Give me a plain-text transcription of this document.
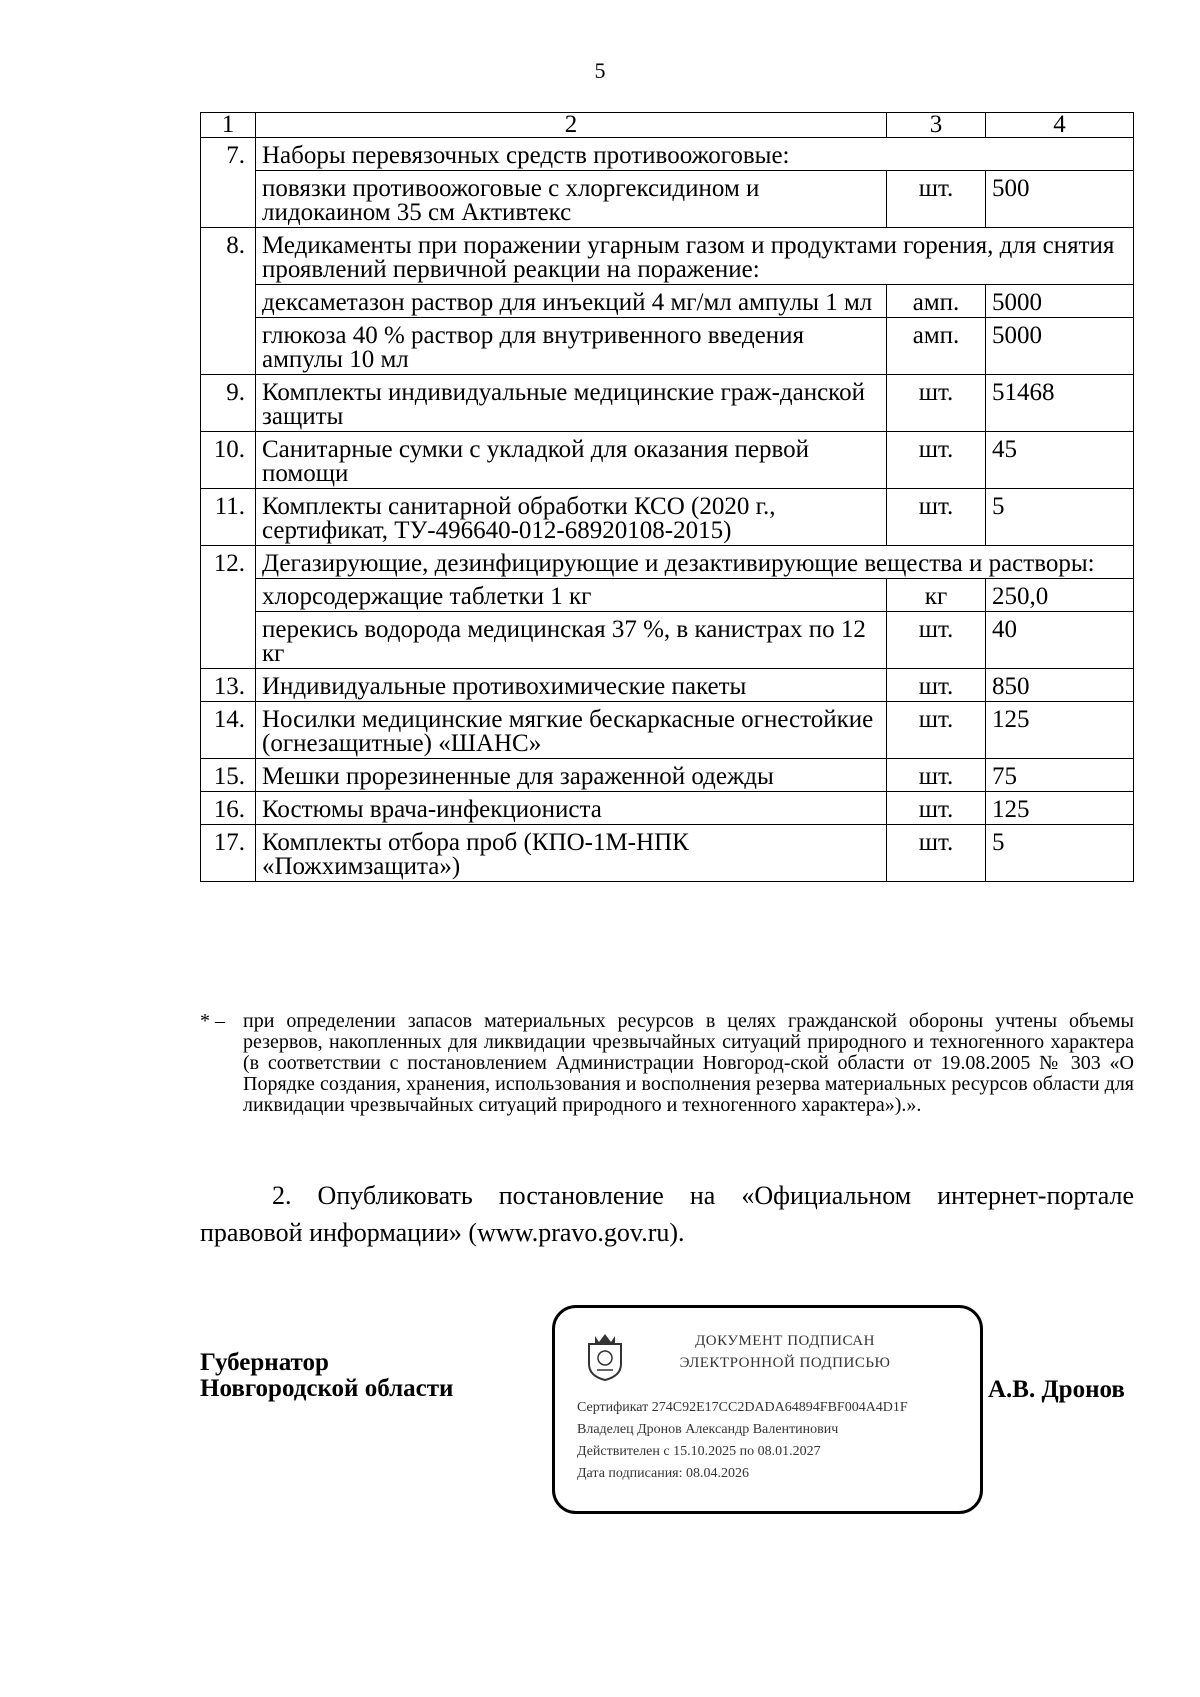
5
1	2	3	4
7.	Наборы перевязочных средств противоожоговые:		
	повязки противоожоговые с хлоргексидином и лидокаином 35 см Активтекс	шт.	500
8.	Медикаменты при поражении угарным газом и продуктами горения, для снятия проявлений первичной реакции на поражение:		
	дексаметазон раствор для инъекций 4 мг/мл ампулы 1 мл	амп.	5000
	глюкоза 40 % раствор для внутривенного введения ампулы 10 мл	амп.	5000
9.	Комплекты индивидуальные медицинские граж-данской защиты	шт.	51468
10.	Санитарные сумки с укладкой для оказания первой помощи	шт.	45
11.	Комплекты санитарной обработки КСО (2020 г., сертификат, ТУ-496640-012-68920108-2015)	шт.	5
12.	Дегазирующие, дезинфицирующие и дезактивирующие вещества и растворы:		
	хлорсодержащие таблетки 1 кг	кг	250,0
	перекись водорода медицинская 37 %, в канистрах по 12 кг	шт.	40
13.	Индивидуальные противохимические пакеты	шт.	850
14.	Носилки медицинские мягкие бескаркасные огнестойкие (огнезащитные) «ШАНС»	шт.	125
15.	Мешки прорезиненные для зараженной одежды	шт.	75
16.	Костюмы врача-инфекциониста	шт.	125
17.	Комплекты отбора проб (КПО-1М-НПК «Пожхимзащита»)	шт.	5
* – при определении запасов материальных ресурсов в целях гражданской обороны учтены объемы резервов, накопленных для ликвидации чрезвычайных ситуаций природного и техногенного характера (в соответствии с постановлением Администрации Новгород-ской области от 19.08.2005 № 303 «О Порядке создания, хранения, использования и восполнения резерва материальных ресурсов области для ликвидации чрезвычайных ситуаций природного и техногенного характера»).».
2. Опубликовать постановление на «Официальном интернет-портале правовой информации» (www.pravo.gov.ru).
Губернатор
Новгородской области
ДОКУМЕНТ ПОДПИСАН
ЭЛЕКТРОННОЙ ПОДПИСЬЮ
Сертификат 274C92E17CC2DADA64894FBF004A4D1F
Владелец Дронов Александр Валентинович
Действителен с 15.10.2025 по 08.01.2027
Дата подписания: 08.04.2026
А.В. Дронов
